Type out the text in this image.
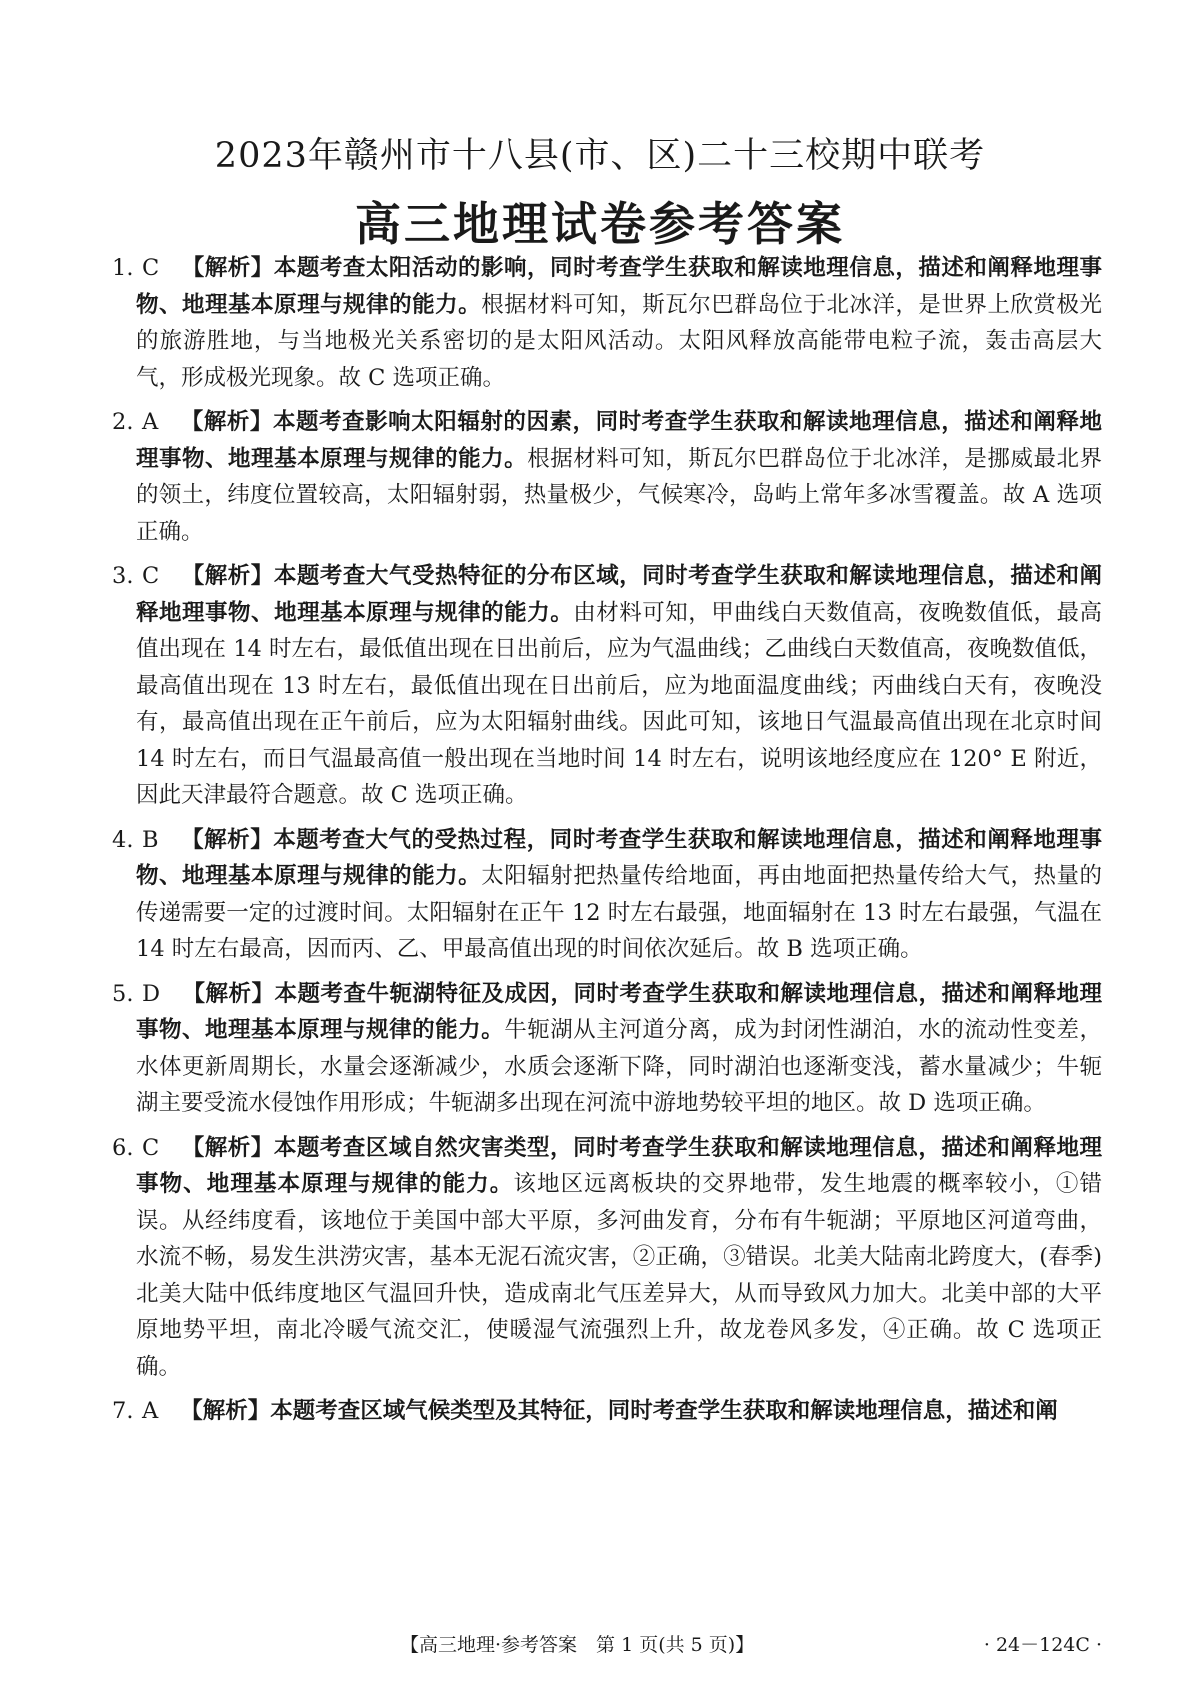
2023年赣州市十八县(市、区)二十三校期中联考
高三地理试卷参考答案
1. C 【解析】本题考查太阳活动的影响，同时考查学生获取和解读地理信息，描述和阐释地理事物、地理基本原理与规律的能力。根据材料可知，斯瓦尔巴群岛位于北冰洋，是世界上欣赏极光的旅游胜地，与当地极光关系密切的是太阳风活动。太阳风释放高能带电粒子流，轰击高层大气，形成极光现象。故 C 选项正确。
2. A 【解析】本题考查影响太阳辐射的因素，同时考查学生获取和解读地理信息，描述和阐释地理事物、地理基本原理与规律的能力。根据材料可知，斯瓦尔巴群岛位于北冰洋，是挪威最北界的领土，纬度位置较高，太阳辐射弱，热量极少，气候寒冷，岛屿上常年多冰雪覆盖。故 A 选项正确。
3. C 【解析】本题考查大气受热特征的分布区域，同时考查学生获取和解读地理信息，描述和阐释地理事物、地理基本原理与规律的能力。由材料可知，甲曲线白天数值高，夜晚数值低，最高值出现在 14 时左右，最低值出现在日出前后，应为气温曲线；乙曲线白天数值高，夜晚数值低，最高值出现在 13 时左右，最低值出现在日出前后，应为地面温度曲线；丙曲线白天有，夜晚没有，最高值出现在正午前后，应为太阳辐射曲线。因此可知，该地日气温最高值出现在北京时间 14 时左右，而日气温最高值一般出现在当地时间 14 时左右，说明该地经度应在 120° E 附近，因此天津最符合题意。故 C 选项正确。
4. B 【解析】本题考查大气的受热过程，同时考查学生获取和解读地理信息，描述和阐释地理事物、地理基本原理与规律的能力。太阳辐射把热量传给地面，再由地面把热量传给大气，热量的传递需要一定的过渡时间。太阳辐射在正午 12 时左右最强，地面辐射在 13 时左右最强，气温在 14 时左右最高，因而丙、乙、甲最高值出现的时间依次延后。故 B 选项正确。
5. D 【解析】本题考查牛轭湖特征及成因，同时考查学生获取和解读地理信息，描述和阐释地理事物、地理基本原理与规律的能力。牛轭湖从主河道分离，成为封闭性湖泊，水的流动性变差，水体更新周期长，水量会逐渐减少，水质会逐渐下降，同时湖泊也逐渐变浅，蓄水量减少；牛轭湖主要受流水侵蚀作用形成；牛轭湖多出现在河流中游地势较平坦的地区。故 D 选项正确。
6. C 【解析】本题考查区域自然灾害类型，同时考查学生获取和解读地理信息，描述和阐释地理事物、地理基本原理与规律的能力。该地区远离板块的交界地带，发生地震的概率较小，①错误。从经纬度看，该地位于美国中部大平原，多河曲发育，分布有牛轭湖；平原地区河道弯曲，水流不畅，易发生洪涝灾害，基本无泥石流灾害，②正确，③错误。北美大陆南北跨度大，(春季)北美大陆中低纬度地区气温回升快，造成南北气压差异大，从而导致风力加大。北美中部的大平原地势平坦，南北冷暖气流交汇，使暖湿气流强烈上升，故龙卷风多发，④正确。故 C 选项正确。
7. A 【解析】本题考查区域气候类型及其特征，同时考查学生获取和解读地理信息，描述和阐
【高三地理·参考答案　第 1 页(共 5 页)】	· 24－124C ·
